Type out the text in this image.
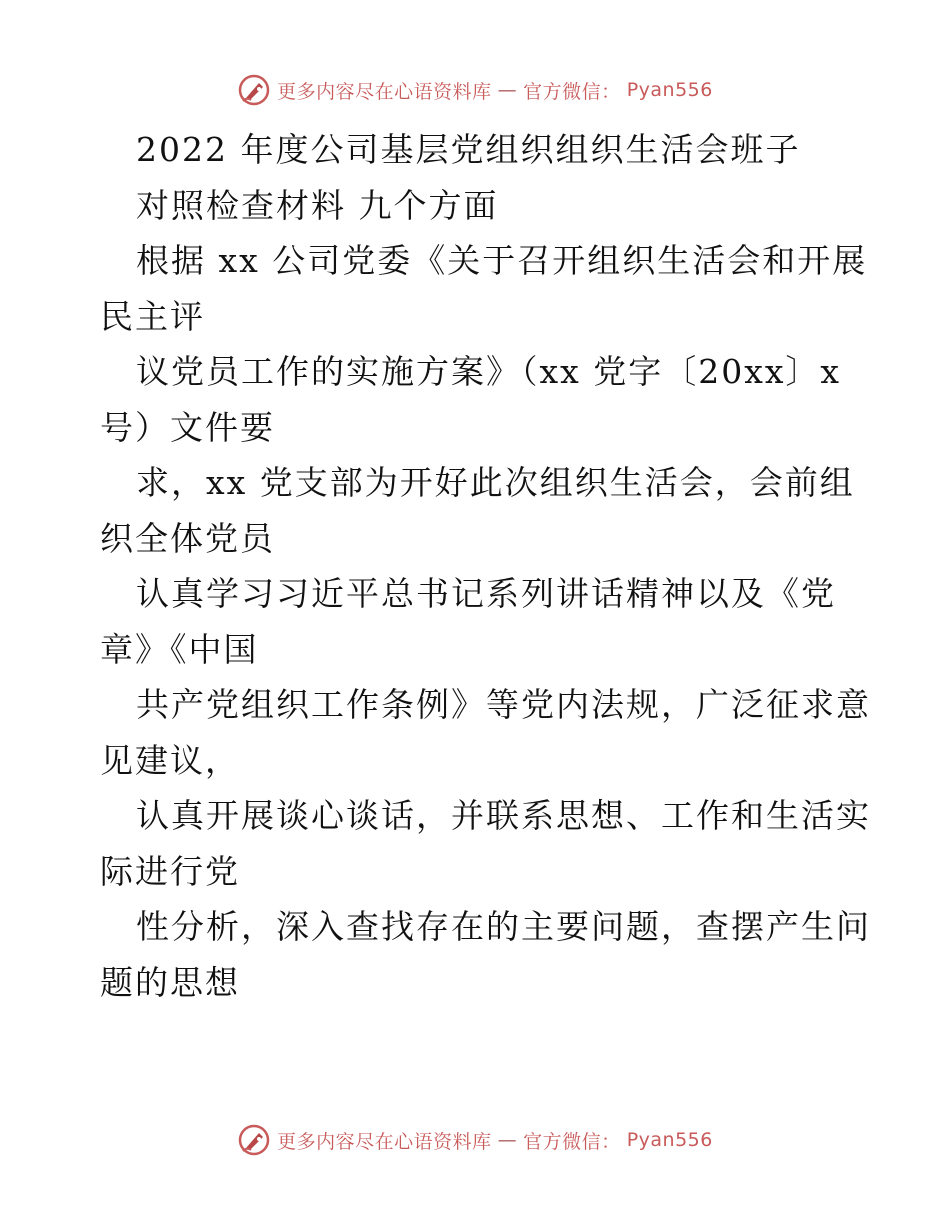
更多内容尽在心语资料库 — 官方微信： Pyan556
2022 年度公司基层党组织组织生活会班子
对照检查材料 九个方面
根据 xx 公司党委《关于召开组织生活会和开展
民主评
议党员工作的实施方案》（xx 党字〔20xx〕x
号）文件要
求，xx 党支部为开好此次组织生活会，会前组
织全体党员
认真学习习近平总书记系列讲话精神以及《党
章》《中国
共产党组织工作条例》等党内法规，广泛征求意
见建议，
认真开展谈心谈话，并联系思想、工作和生活实
际进行党
性分析，深入查找存在的主要问题，查摆产生问
题的思想
更多内容尽在心语资料库 — 官方微信： Pyan556
